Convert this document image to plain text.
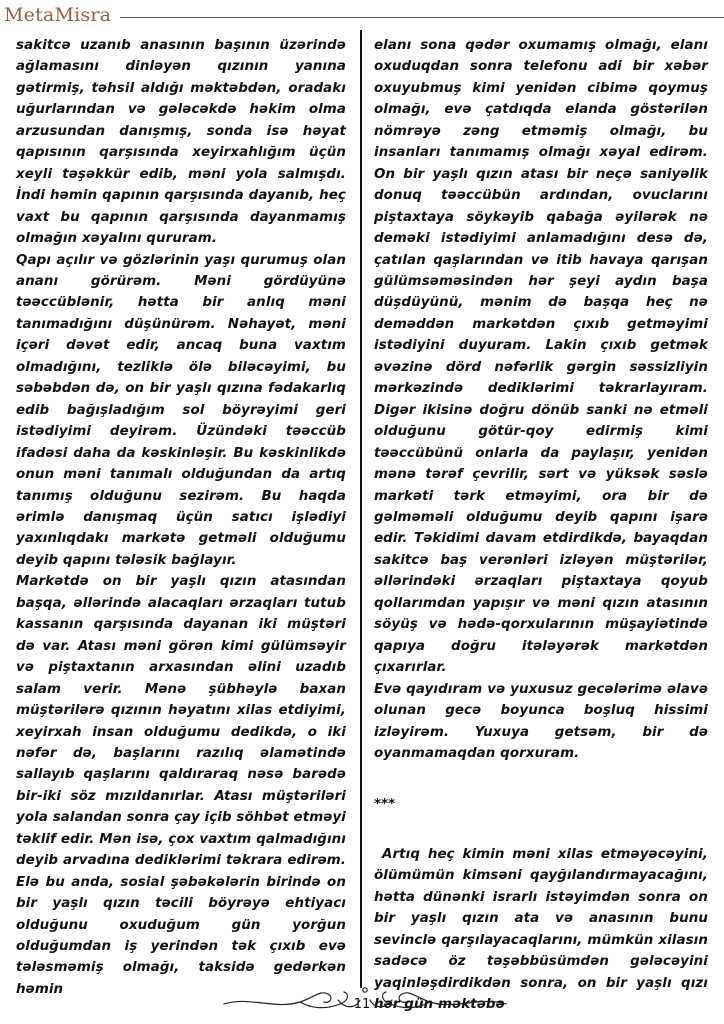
MetaMisra

sakitcə uzanıb anasının başının üzərində ağlamasını dinləyən qızının yanına gətirmiş, təhsil aldığı məktəbdən, oradakı uğurlarından və gələcəkdə həkim olma arzusundan danışmış, sonda isə həyat qapısının qarşısında xeyirxahlığım üçün xeyli təşəkkür edib, məni yola salmışdı. İndi həmin qapının qarşısında dayanıb, heç vaxt bu qapının qarşısında dayanmamış olmağın xəyalını qururam.

Qapı açılır və gözlərinin yaşı qurumuş olan ananı görürəm. Məni gördüyünə təəccüblənir, hətta bir anlıq məni tanımadığını düşünürəm. Nəhayət, məni içəri dəvət edir, ancaq buna vaxtım olmadığını, tezliklə ölə biləcəyimi, bu səbəbdən də, on bir yaşlı qızına fədakarlıq edib bağışladığım sol böyrəyimi geri istədiyimi deyirəm. Üzündəki təəccüb ifadəsi daha da kəskinləşir. Bu kəskinlikdə onun məni tanımalı olduğundan da artıq tanımış olduğunu sezirəm. Bu haqda ərimlə danışmaq üçün satıcı işlədiyi yaxınlıqdakı markətə getməli olduğumu deyib qapını tələsik bağlayır.

Markətdə on bir yaşlı qızın atasından başqa, əllərində alacaqları ərzaqları tutub kassanın qarşısında dayanan iki müştəri də var. Atası məni görən kimi gülümsəyir və piştaxtanın arxasından əlini uzadıb salam verir. Mənə şübhəylə baxan müştərilərə qızının həyatını xilas etdiyimi, xeyirxah insan olduğumu dedikdə, o iki nəfər də, başlarını razılıq əlamətində sallayıb qaşlarını qaldıraraq nəsə barədə bir-iki söz mızıldanırlar. Atası müştəriləri yola salandan sonra çay içib söhbət etməyi təklif edir. Mən isə, çox vaxtım qalmadığını deyib arvadına dediklərimi təkrara edirəm. Elə bu anda, sosial şəbəkələrin birində on bir yaşlı qızın təcili böyrəyə ehtiyacı olduğunu oxuduğum gün yorğun olduğumdan iş yerindən tək çıxıb evə tələsməmiş olmağı, taksidə gedərkən həmin

elanı sona qədər oxumamış olmağı, elanı oxuduqdan sonra telefonu adi bir xəbər oxuyubmuş kimi yenidən cibimə qoymuş olmağı, evə çatdıqda elanda göstərilən nömrəyə zəng etməmiş olmağı, bu insanları tanımamış olmağı xəyal edirəm. On bir yaşlı qızın atası bir neçə saniyəlik donuq təəccübün ardından, ovuclarını piştaxtaya söykəyib qabağa əyilərək nə deməki istədiyimi anlamadığını desə də, çatılan qaşlarından və itib havaya qarışan gülümsəməsindən hər şeyi aydın başa düşdüyünü, mənim də başqa heç nə deməddən markətdən çıxıb getməyimi istədiyini duyuram. Lakin çıxıb getmək əvəzinə dörd nəfərlik gərgin səssizliyin mərkəzində dediklərimi təkrarlayıram. Digər ikisinə doğru dönüb sanki nə etməli olduğunu götür-qoy edirmiş kimi təəccübünü onlarla da paylaşır, yenidən mənə tərəf çevrilir, sərt və yüksək səslə markəti tərk etməyimi, ora bir də gəlməməli olduğumu deyib qapını işarə edir. Təkidimi davam etdirdikdə, bayaqdan sakitcə baş verənləri izləyən müştərilər, əllərindəki ərzaqları piştaxtaya qoyub qollarımdan yapışır və məni qızın atasının söyüş və hədə-qorxularının müşayiətində qapıya doğru itələyərək markətdən çıxarırlar.

Evə qayıdıram və yuxusuz gecələrimə əlavə olunan gecə boyunca boşluq hissimi izləyirəm. Yuxuya getsəm, bir də oyanmamaqdan qorxuram.

***

Artıq heç kimin məni xilas etməyəcəyini, ölümümün kimsəni qayğılandırmayacağını, hətta dünənki israrlı istəyimdən sonra on bir yaşlı qızın ata və anasının bunu sevinclə qarşılayacaqlarını, mümkün xilasın sadəcə öz təşəbbüsümdən gələcəyini yaqinləşdirdikdən sonra, on bir yaşlı qızı hər gün məktəbə

11
